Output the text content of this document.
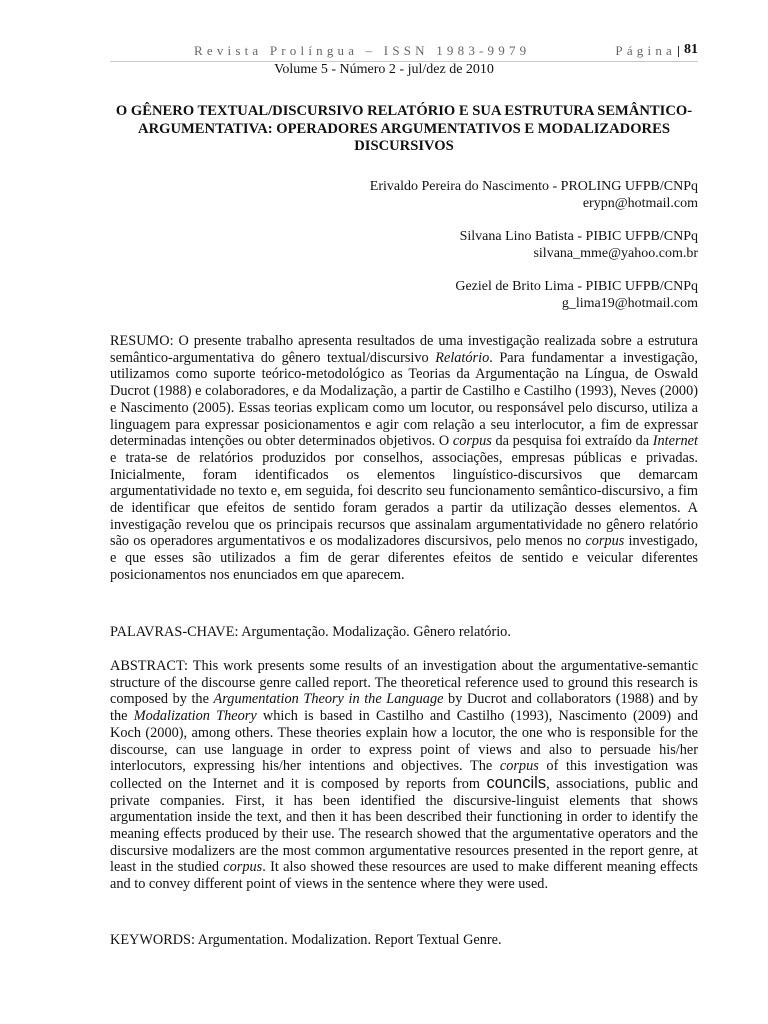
Revista Prolíngua – ISSN 1983-9979	Página 81
Volume 5 - Número 2 - jul/dez de 2010
O GÊNERO TEXTUAL/DISCURSIVO RELATÓRIO E SUA ESTRUTURA SEMÂNTICO-ARGUMENTATIVA: OPERADORES ARGUMENTATIVOS E MODALIZADORES DISCURSIVOS
Erivaldo Pereira do Nascimento - PROLING UFPB/CNPq
erypn@hotmail.com
Silvana Lino Batista - PIBIC UFPB/CNPq
silvana_mme@yahoo.com.br
Geziel de Brito Lima - PIBIC UFPB/CNPq
g_lima19@hotmail.com

RESUMO: O presente trabalho apresenta resultados de uma investigação realizada sobre a estrutura semântico-argumentativa do gênero textual/discursivo Relatório. Para fundamentar a investigação, utilizamos como suporte teórico-metodológico as Teorias da Argumentação na Língua, de Oswald Ducrot (1988) e colaboradores, e da Modalização, a partir de Castilho e Castilho (1993), Neves (2000) e Nascimento (2005). Essas teorias explicam como um locutor, ou responsável pelo discurso, utiliza a linguagem para expressar posicionamentos e agir com relação a seu interlocutor, a fim de expressar determinadas intenções ou obter determinados objetivos. O corpus da pesquisa foi extraído da Internet e trata-se de relatórios produzidos por conselhos, associações, empresas públicas e privadas. Inicialmente, foram identificados os elementos linguístico-discursivos que demarcam argumentatividade no texto e, em seguida, foi descrito seu funcionamento semântico-discursivo, a fim de identificar que efeitos de sentido foram gerados a partir da utilização desses elementos. A investigação revelou que os principais recursos que assinalam argumentatividade no gênero relatório são os operadores argumentativos e os modalizadores discursivos, pelo menos no corpus investigado, e que esses são utilizados a fim de gerar diferentes efeitos de sentido e veicular diferentes posicionamentos nos enunciados em que aparecem.

PALAVRAS-CHAVE: Argumentação. Modalização. Gênero relatório.

ABSTRACT: This work presents some results of an investigation about the argumentative-semantic structure of the discourse genre called report. The theoretical reference used to ground this research is composed by the Argumentation Theory in the Language by Ducrot and collaborators (1988) and by the Modalization Theory which is based in Castilho and Castilho (1993), Nascimento (2009) and Koch (2000), among others. These theories explain how a locutor, the one who is responsible for the discourse, can use language in order to express point of views and also to persuade his/her interlocutors, expressing his/her intentions and objectives. The corpus of this investigation was collected on the Internet and it is composed by reports from councils, associations, public and private companies. First, it has been identified the discursive-linguist elements that shows argumentation inside the text, and then it has been described their functioning in order to identify the meaning effects produced by their use. The research showed that the argumentative operators and the discursive modalizers are the most common argumentative resources presented in the report genre, at least in the studied corpus. It also showed these resources are used to make different meaning effects and to convey different point of views in the sentence where they were used.

KEYWORDS: Argumentation. Modalization. Report Textual Genre.
